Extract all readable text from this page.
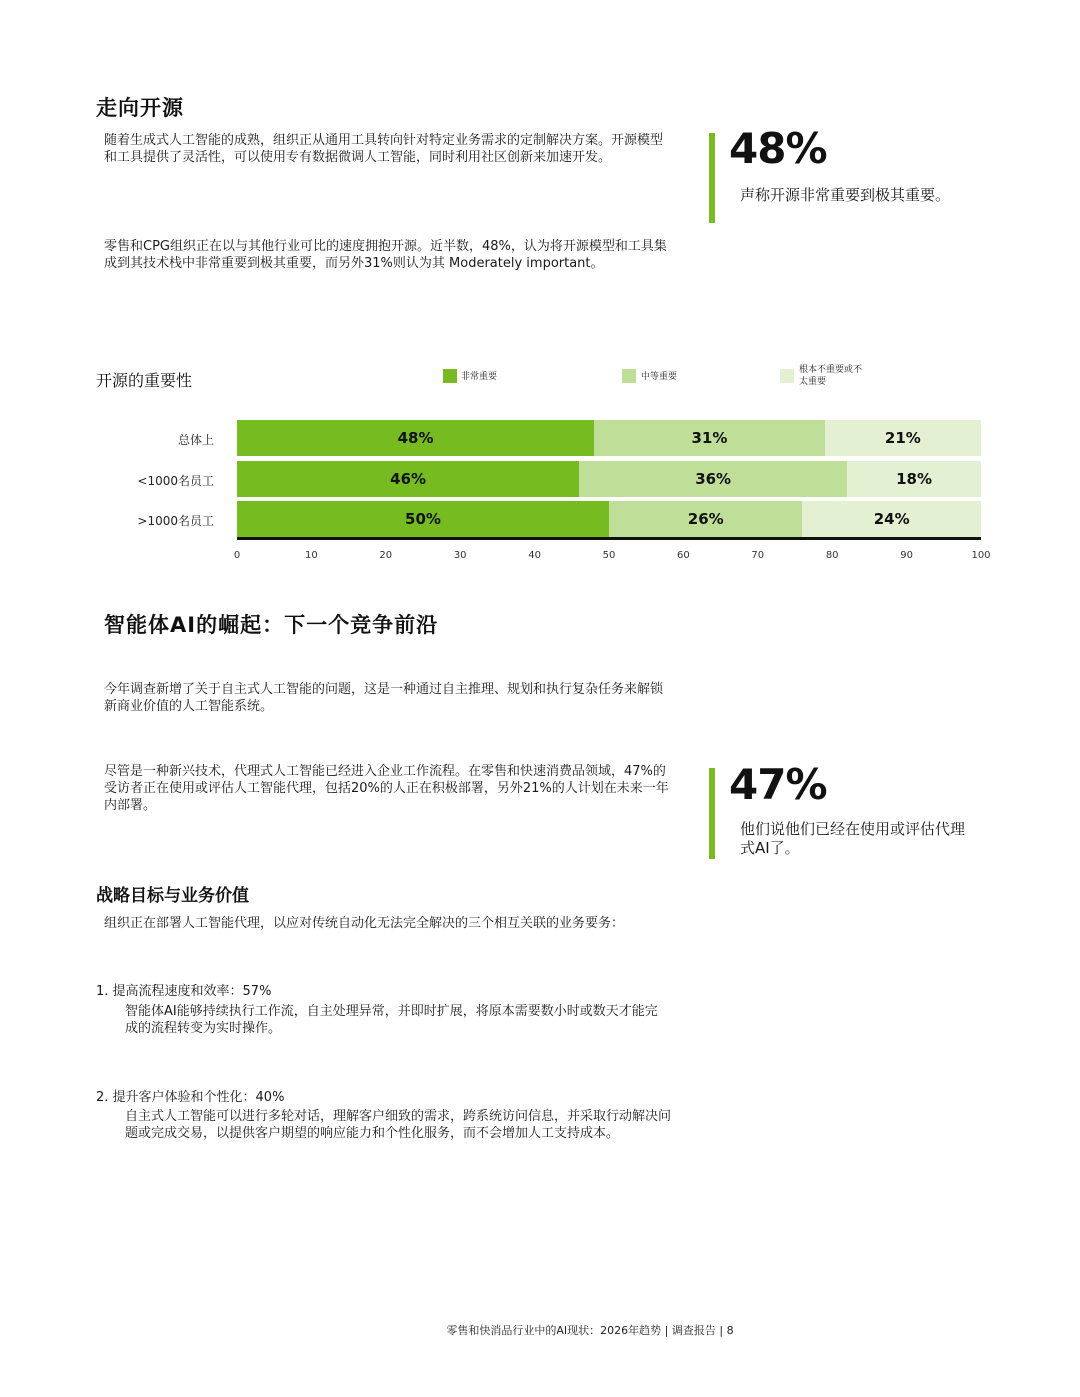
走向开源
随着生成式人工智能的成熟，组织正从通用工具转向针对特定业务需求的定制解决方案。开源模型和工具提供了灵活性，可以使用专有数据微调人工智能，同时利用社区创新来加速开发。
零售和CPG组织正在以与其他行业可比的速度拥抱开源。近半数，48%，认为将开源模型和工具集成到其技术栈中非常重要到极其重要，而另外31%则认为其 Moderately important。
48%
声称开源非常重要到极其重要。
开源的重要性	非常重要	中等重要
根本不重要或不太重要
总体上	48%	31%	21%
<1000名员工	46%	36%	18%
>1000名员工	50%	26%	24%
0	10	20	30	40	50	60	70	80	90	100
智能体AI的崛起：下一个竞争前沿
今年调查新增了关于自主式人工智能的问题，这是一种通过自主推理、规划和执行复杂任务来解锁新商业价值的人工智能系统。
尽管是一种新兴技术，代理式人工智能已经进入企业工作流程。在零售和快速消费品领域，47%的受访者正在使用或评估人工智能代理，包括20%的人正在积极部署，另外21%的人计划在未来一年内部署。	47%
他们说他们已经在使用或评估代理式AI了。
战略目标与业务价值
组织正在部署人工智能代理，以应对传统自动化无法完全解决的三个相互关联的业务要务：
1. 提高流程速度和效率：57%
智能体AI能够持续执行工作流，自主处理异常，并即时扩展，将原本需要数小时或数天才能完成的流程转变为实时操作。
2. 提升客户体验和个性化：40%
自主式人工智能可以进行多轮对话，理解客户细致的需求，跨系统访问信息，并采取行动解决问题或完成交易，以提供客户期望的响应能力和个性化服务，而不会增加人工支持成本。
零售和快消品行业中的AI现状：2026年趋势 | 调查报告 | 8
